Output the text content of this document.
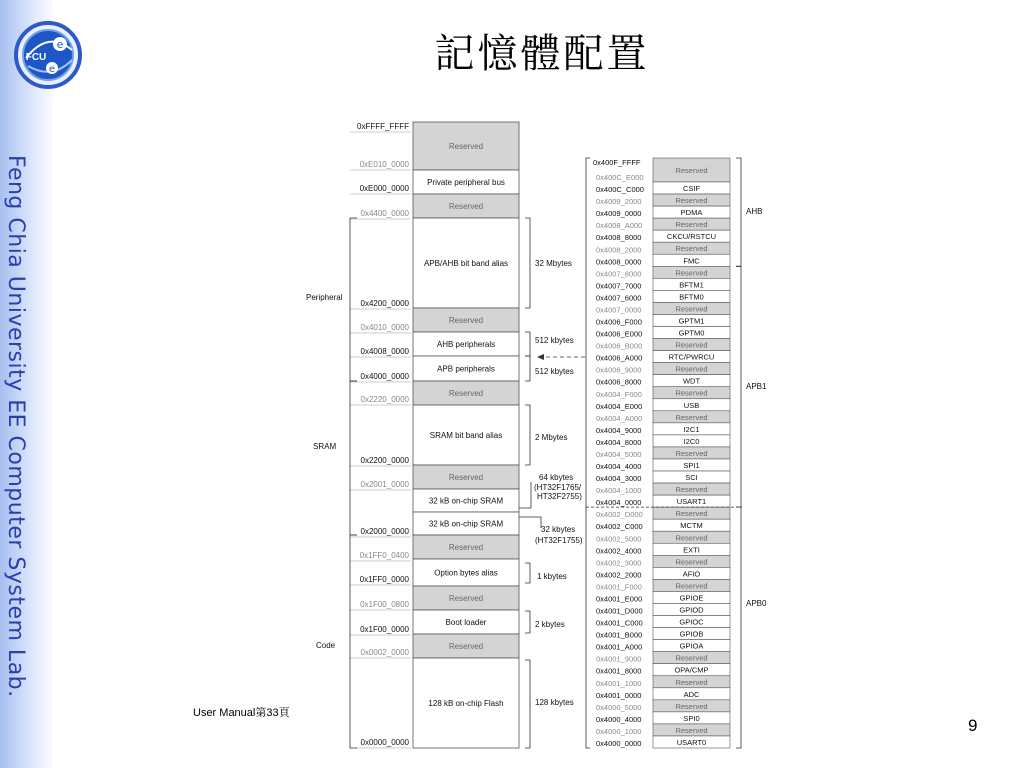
Feng Chia University EE Computer System Lab.
e
e
FCU	記憶體配置
Reserved
Private peripheral bus
Reserved
APB/AHB bit band alias
Reserved
AHB peripherals
APB peripherals
Reserved
SRAM bit band alias
Reserved
32 kB on-chip SRAM
32 kB on-chip SRAM
Reserved
Option bytes alias
Reserved
Boot loader
Reserved
128 kB on-chip Flash
0xFFFF_FFFF
0xE010_0000
0xE000_0000
0x4400_0000
0x4200_0000
0x4010_0000
0x4008_0000
0x4000_0000
0x2220_0000
0x2200_0000
0x2001_0000
0x2000_0000
0x1FF0_0400
0x1FF0_0000
0x1F00_0800
0x1F00_0000
0x0002_0000
0x0000_0000
32 Mbytes
512 kbytes
512 kbytes
2 Mbytes
64 kbytes
(HT32F1765/
HT32F2755)
32 kbytes
(HT32F1755)
1 kbytes
2 kbytes
128 kbytes
Peripheral
SRAM
Code
0x400F_FFFF
Reserved
0x400C_E000
CSIF
0x400C_C000
Reserved
0x4009_2000
PDMA
0x4009_0000
Reserved
0x4008_A000
CKCU/RSTCU
0x4008_8000
Reserved
0x4008_2000
FMC
0x4008_0000
Reserved
0x4007_8000
BFTM1
0x4007_7000
BFTM0
0x4007_6000
Reserved
0x4007_0000
GPTM1
0x4006_F000
GPTM0
0x4006_E000
Reserved
0x4006_B000
RTC/PWRCU
0x4006_A000
Reserved
0x4006_9000
WDT
0x4006_8000
Reserved
0x4004_F000
USB
0x4004_E000
Reserved
0x4004_A000
I2C1
0x4004_9000
I2C0
0x4004_8000
Reserved
0x4004_5000
SPI1
0x4004_4000
SCI
0x4004_3000
Reserved
0x4004_1000
USART1
0x4004_0000
Reserved
0x4002_D000
MCTM
0x4002_C000
Reserved
0x4002_5000
EXTI
0x4002_4000
Reserved
0x4002_3000
AFIO
0x4002_2000
Reserved
0x4001_F000
GPIOE
0x4001_E000
GPIOD
0x4001_D000
GPIOC
0x4001_C000
GPIOB
0x4001_B000
GPIOA
0x4001_A000
Reserved
0x4001_9000
OPA/CMP
0x4001_8000
Reserved
0x4001_1000
ADC
0x4001_0000
Reserved
0x4000_5000
SPI0
0x4000_4000
Reserved
0x4000_1000
USART0
0x4000_0000
AHB
APB1
APB0
User Manual第33頁
9
